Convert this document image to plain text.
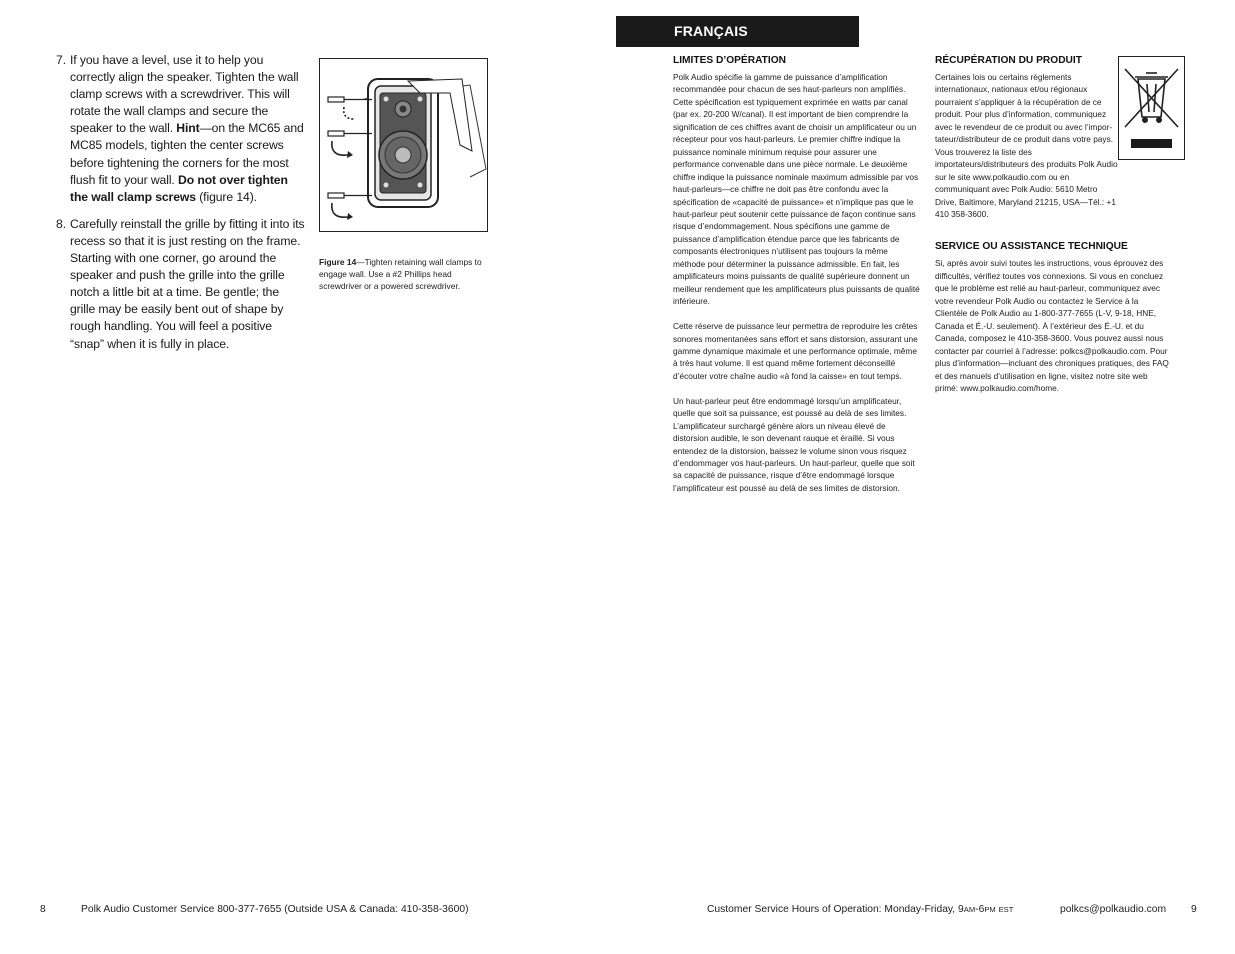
7. If you have a level, use it to help you correctly align the speaker. Tighten the wall clamp screws with a screwdriver. This will rotate the wall clamps and secure the speaker to the wall. Hint—on the MC65 and MC85 models, tighten the center screws before tightening the corners for the most flush fit to your wall. Do not over tighten the wall clamp screws (figure 14).
8. Carefully reinstall the grille by fitting it into its recess so that it is just resting on the frame. Starting with one corner, go around the speaker and push the grille into the grille notch a little bit at a time. Be gentle; the grille may be easily bent out of shape by rough handling. You will feel a positive “snap” when it is fully in place.
Figure 14—Tighten retaining wall clamps to engage wall. Use a #2 Phillips head screwdriver or a powered screwdriver.
FRANÇAIS
LIMITES D’OPÉRATION

Polk Audio spécifie la gamme de puissance d’amplification recommandée pour chacun de ses haut-parleurs non amplifiés. Cette spécification est typiquement exprimée en watts par canal (par ex. 20-200 W/canal). Il est important de bien comprendre la signification de ces chiffres avant de choisir un amplificateur ou un récepteur pour vos haut-parleurs. Le premier chiffre indique la puissance nominale minimum requise pour assurer une performance convenable dans une pièce normale. Le deuxième chiffre indique la puissance nominale maximum admissible par vos haut-parleurs—ce chiffre ne doit pas être confondu avec la spécification de «capacité de puissance» et n’implique pas que le haut-parleur peut soutenir cette puissance de façon continue sans risque d’endommagement. Nous spécifions une gamme de puissance d’amplification étendue parce que les fabricants de composants électroniques n’utilisent pas toujours la même méthode pour déterminer la puissance admissible. En fait, les amplificateurs moins puissants de qualité supérieure donnent un meilleur rendement que les amplificateurs plus puissants de qualité inférieure.

Cette réserve de puissance leur permettra de reproduire les crêtes sonores momentanées sans effort et sans distorsion, assurant une gamme dynamique maximale et une performance optimale, même à très haut volume. Il est quand même fortement déconseillé d’écouter votre chaîne audio «à fond la caisse» en tout temps.

Un haut-parleur peut être endommagé lorsqu’un amplificateur, quelle que soit sa puissance, est poussé au delà de ses limites. L’amplificateur surchargé génère alors un niveau élevé de distorsion audible, le son devenant rauque et éraillé. Si vous entendez de la distorsion, baissez le volume sinon vous risquez d’endommager vos haut-parleurs. Un haut-parleur, quelle que soit sa capacité de puissance, risque d’être endommagé lorsque l’amplificateur est poussé au delà de ses limites de distorsion.

RÉCUPÉRATION DU PRODUIT

Certaines lois ou certains règlements internationaux, nationaux et/ou régionaux pourraient s’appliquer à la récupération de ce produit. Pour plus d’information, communiquez avec le revendeur de ce produit ou avec l’impor-tateur/distributeur de ce produit dans votre pays. Vous trouverez la liste des importateurs/distributeurs des produits Polk Audio sur le site www.polkaudio.com ou en communiquant avec Polk Audio: 5610 Metro Drive, Baltimore, Maryland 21215, USA—Tél.: +1 410 358-3600.

SERVICE OU ASSISTANCE TECHNIQUE

Si, après avoir suivi toutes les instructions, vous éprouvez des difficultés, vérifiez toutes vos connexions. Si vous en concluez que le problème est relié au haut-parleur, communiquez avec votre revendeur Polk Audio ou contactez le Service à la Clientèle de Polk Audio au 1-800-377-7655 (L-V, 9-18, HNE, Canada et É.-U. seulement). À l’extérieur des É.-U. et du Canada, composez le 410-358-3600. Vous pouvez aussi nous contacter par courriel à l’adresse: polkcs@polkaudio.com. Pour plus d’information—incluant des chroniques pratiques, des FAQ et des manuels d’utilisation en ligne, visitez notre site web primé: www.polkaudio.com/home.

8	Polk Audio Customer Service 800-377-7655 (Outside USA & Canada: 410-358-3600)	Customer Service Hours of Operation: Monday-Friday, 9AM-6PM EST	polkcs@polkaudio.com 9
